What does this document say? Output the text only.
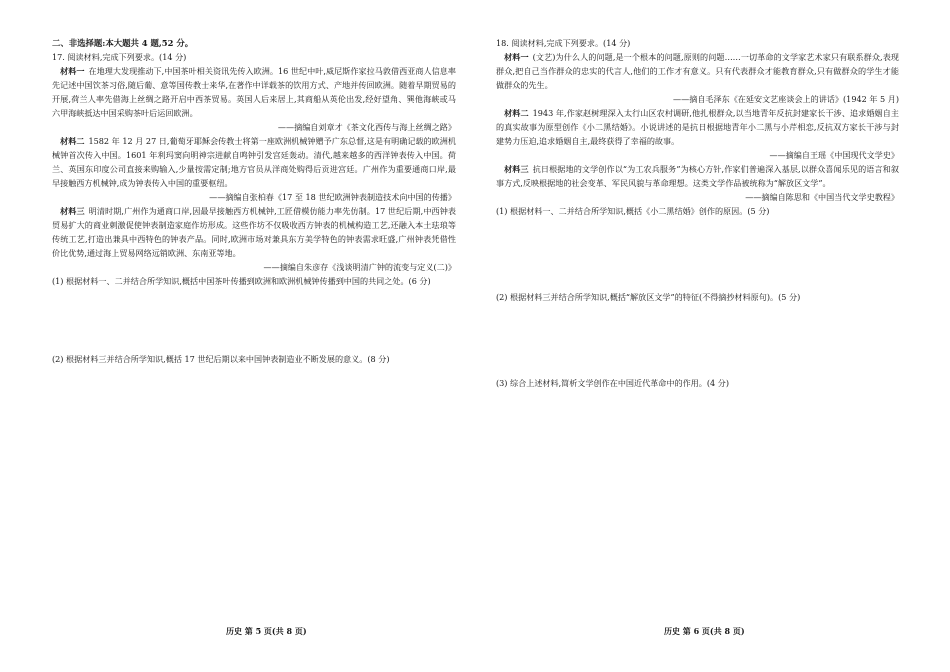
二、非选择题:本大题共 4 题,52 分。
17. 阅读材料,完成下列要求。(14 分)

材料一 在地理大发现推动下,中国茶叶相关资讯先传入欧洲。16 世纪中叶,威尼斯作家拉马敦借西亚商人信息率先记述中国饮茶习俗,随后葡、意等国传教士来华,在著作中详载茶的饮用方式、产地并传回欧洲。随着早期贸易的开展,荷兰人率先借海上丝绸之路开启中西茶贸易。英国人后来居上,其商船从英伦出发,经好望角、巽他海峡或马六甲海峡抵达中国采购茶叶后运回欧洲。

——摘编自刘章才《茶文化西传与海上丝绸之路》

材料二 1582 年 12 月 27 日,葡萄牙耶稣会传教士将第一座欧洲机械钟赠予广东总督,这是有明确记载的欧洲机械钟首次传入中国。1601 年利玛窦向明神宗进献自鸣钟引发宫廷轰动。清代,越来越多的西洋钟表传入中国。荷兰、英国东印度公司直接来购输入,少量按需定制;地方官员从洋商处购得后贡进宫廷。广州作为重要通商口岸,最早接触西方机械钟,成为钟表传入中国的重要枢纽。

——摘编自张柏春《17 至 18 世纪欧洲钟表制造技术向中国的传播》

材料三 明清时期,广州作为通商口岸,因最早接触西方机械钟,工匠借模仿能力率先仿制。17 世纪后期,中西钟表贸易扩大的商业刺激促使钟表制造家庭作坊形成。这些作坊不仅吸收西方钟表的机械构造工艺,还融入本土珐琅等传统工艺,打造出兼具中西特色的钟表产品。同时,欧洲市场对兼具东方美学特色的钟表需求旺盛,广州钟表凭借性价比优势,通过海上贸易网络远销欧洲、东南亚等地。

——摘编自朱彦存《浅谈明清广钟的流变与定义(二)》

(1) 根据材料一、二并结合所学知识,概括中国茶叶传播到欧洲和欧洲机械钟传播到中国的共同之处。(6 分)

(2) 根据材料三并结合所学知识,概括 17 世纪后期以来中国钟表制造业不断发展的意义。(8 分)

历史 第 5 页(共 8 页)
18. 阅读材料,完成下列要求。(14 分)

材料一 (文艺)为什么人的问题,是一个根本的问题,原则的问题……一切革命的文学家艺术家只有联系群众,表现群众,把自己当作群众的忠实的代言人,他们的工作才有意义。只有代表群众才能教育群众,只有做群众的学生才能做群众的先生。

——摘自毛泽东《在延安文艺座谈会上的讲话》(1942 年 5 月)

材料二 1943 年,作家赵树理深入太行山区农村调研,他扎根群众,以当地青年反抗封建家长干涉、追求婚姻自主的真实故事为原型创作《小二黑结婚》。小说讲述的是抗日根据地青年小二黑与小芹相恋,反抗双方家长干涉与封建势力压迫,追求婚姻自主,最终获得了幸福的故事。

——摘编自王瑶《中国现代文学史》

材料三 抗日根据地的文学创作以“为工农兵服务”为核心方针,作家们普遍深入基层,以群众喜闻乐见的语言和叙事方式,反映根据地的社会变革、军民风貌与革命理想。这类文学作品被统称为“解放区文学”。

——摘编自陈思和《中国当代文学史教程》

(1) 根据材料一、二并结合所学知识,概括《小二黑结婚》创作的原因。(5 分)

(2) 根据材料三并结合所学知识,概括“解放区文学”的特征(不得摘抄材料原句)。(5 分)

(3) 综合上述材料,简析文学创作在中国近代革命中的作用。(4 分)

历史 第 6 页(共 8 页)
